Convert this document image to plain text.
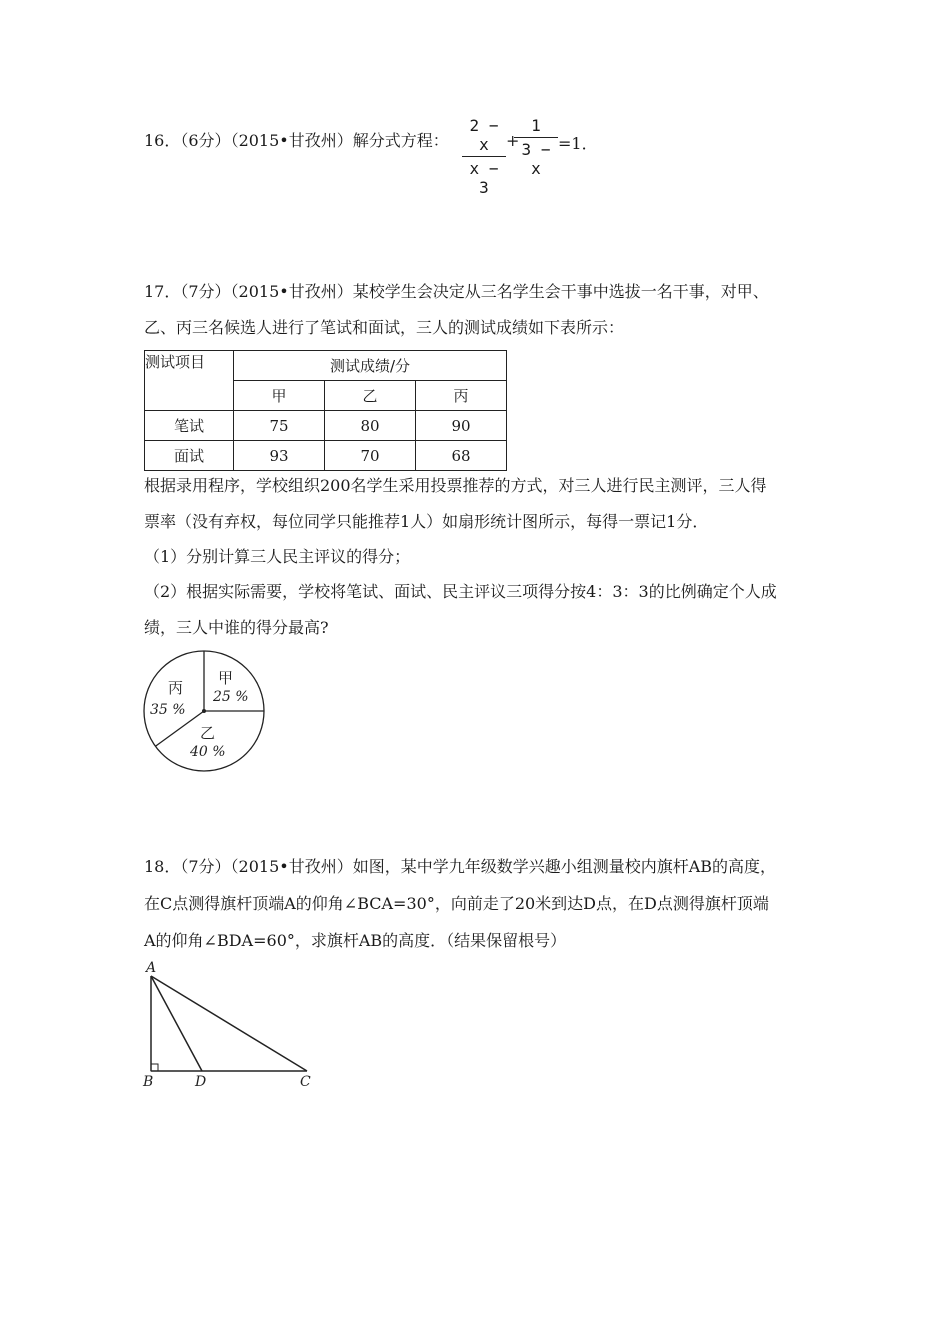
16．（6分）（2015•甘孜州）解分式方程：
2 − x
x − 3
+
1
3 − x
=1．
17．（7分）（2015•甘孜州）某校学生会决定从三名学生会干事中选拔一名干事，对甲、
乙、丙三名候选人进行了笔试和面试，三人的测试成绩如下表所示：
测试项目	测试成绩/分		
	甲	乙	丙
笔试	75	80	90
面试	93	70	68
根据录用程序，学校组织200名学生采用投票推荐的方式，对三人进行民主测评，三人得
票率（没有弃权，每位同学只能推荐1人）如扇形统计图所示，每得一票记1分．
（1）分别计算三人民主评议的得分；
（2）根据实际需要，学校将笔试、面试、民主评议三项得分按4：3：3的比例确定个人成
绩，三人中谁的得分最高?
甲
25 %
丙
35 %
乙
40 %
18．（7分）（2015•甘孜州）如图，某中学九年级数学兴趣小组测量校内旗杆AB的高度，
在C点测得旗杆顶端A的仰角∠BCA=30°，向前走了20米到达D点，在D点测得旗杆顶端
A的仰角∠BDA=60°，求旗杆AB的高度．（结果保留根号）
A
B	D	C
